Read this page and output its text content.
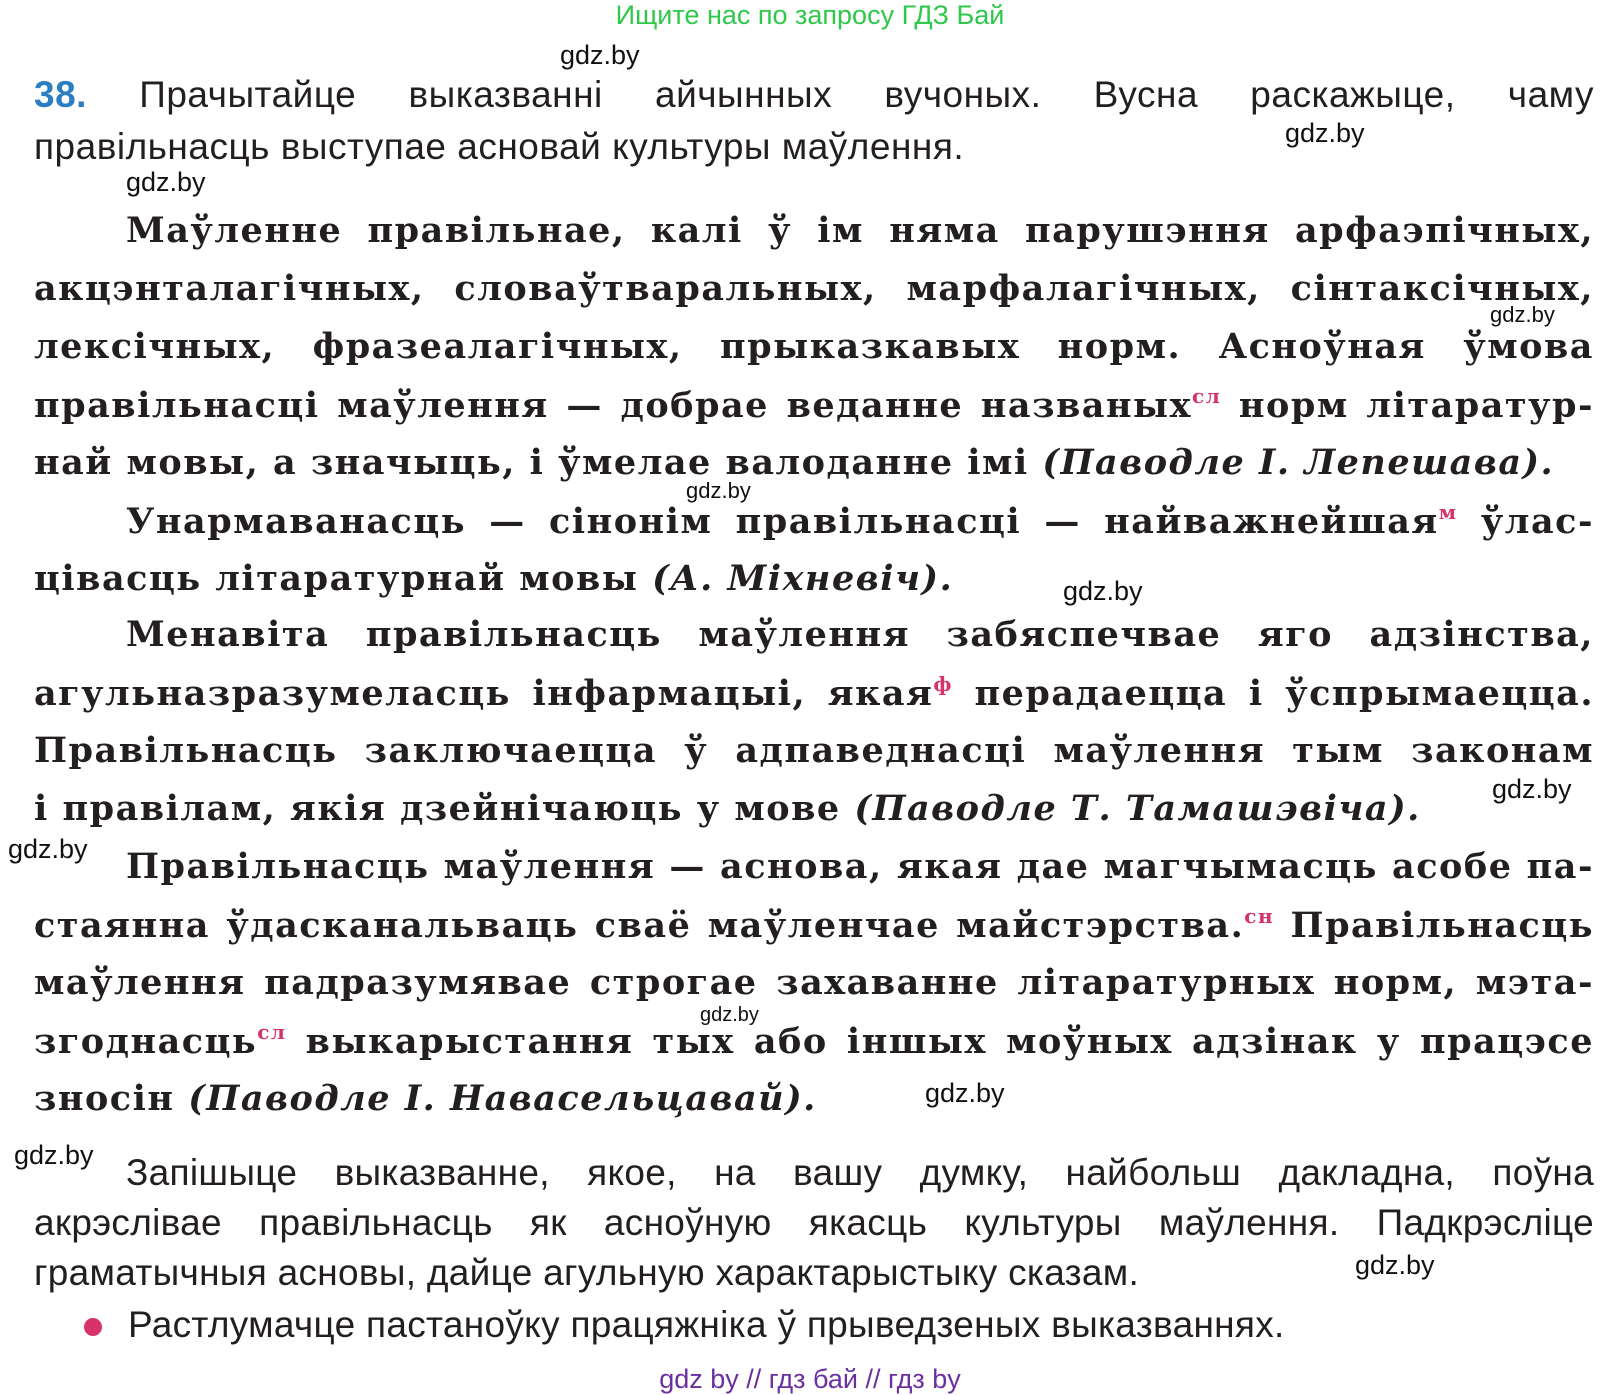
Ищите нас по запросу ГДЗ Бай
gdz.by
gdz.by
gdz.by
gdz.by
gdz.by
gdz.by
gdz.by
gdz.by
gdz.by
gdz.by
gdz.by
gdz.by
38. Прачытайце выказванні айчынных вучоных. Вусна раскажыце, чаму
правільнасць выступае асновай культуры маўлення.
Маўленне правільнае, калі ў ім няма парушэння арфаэпічных,
акцэнталагічных, словаўтваральных, марфалагічных, сінтаксічных,
лексічных, фразеалагічных, прыказкавых норм. Асноўная ўмова
правільнасці маўлення — добрае веданне названых$^{сл}$ норм літаратур-
най мовы, а значыць, і ўмелае валоданне імі (Паводле І. Лепешава).
Унармаванасць — сінонім правільнасці — найважнейшая$^м$ ўлас-
цівасць літаратурнай мовы (А. Міхневіч).
Менавіта правільнасць маўлення забяспечвае яго адзінства,
агульназразумеласць інфармацыі, якая$^ф$ перадаецца і ўспрымаецца.
Правільнасць заключаецца ў адпаведнасці маўлення тым законам
і правілам, якія дзейнічаюць у мове (Паводле Т. Тамашэвіча).
Правільнасць маўлення — аснова, якая дае магчымасць асобе па-
стаянна ўдасканальваць сваё маўленчае майстэрства.$^{сн}$ Правільнасць
маўлення падразумявае строгае захаванне літаратурных норм, мэта-
згоднасць$^{сл}$ выкарыстання тых або іншых моўных адзінак у працэсе
зносін (Паводле І. Навасельцавай).
Запішыце выказванне, якое, на вашу думку, найбольш дакладна, поўна
акрэслівае правільнасць як асноўную якасць культуры маўлення. Падкрэсліце
граматычныя асновы, дайце агульную характарыстыку сказам.
Растлумачце пастаноўку працяжніка ў прыведзеных выказваннях.
gdz by // гдз бай // гдз by
